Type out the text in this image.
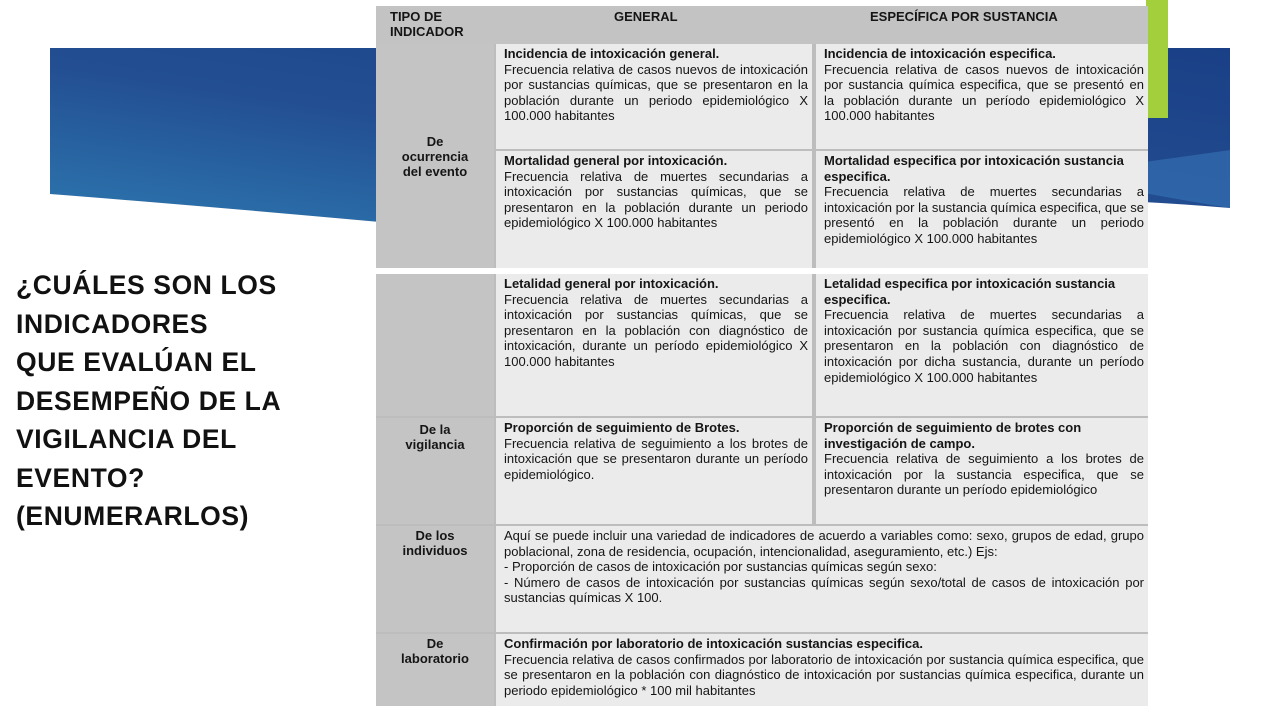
¿CUÁLES SON LOS
INDICADORES
QUE EVALÚAN EL
DESEMPEÑO DE LA
VIGILANCIA DEL
EVENTO?
(ENUMERARLOS)
TIPO DE INDICADOR
GENERAL	ESPECÍFICA POR SUSTANCIA
De ocurrencia del evento
Incidencia de intoxicación general.
Frecuencia relativa de casos nuevos de intoxicación por sustancias químicas, que se presentaron en la población durante un periodo epidemiológico X 100.000 habitantes
Incidencia de intoxicación especifica.
Frecuencia relativa de casos nuevos de intoxicación por sustancia química especifica, que se presentó en la población durante un período epidemiológico X 100.000 habitantes
Mortalidad general por intoxicación.
Frecuencia relativa de muertes secundarias a intoxicación por sustancias químicas, que se presentaron en la población durante un periodo epidemiológico X 100.000 habitantes
Mortalidad especifica por intoxicación sustancia especifica.
Frecuencia relativa de muertes secundarias a intoxicación por la sustancia química especifica, que se presentó en la población durante un periodo epidemiológico X 100.000 habitantes
Letalidad general por intoxicación.
Frecuencia relativa de muertes secundarias a intoxicación por sustancias químicas, que se presentaron en la población con diagnóstico de intoxicación, durante un período epidemiológico X 100.000 habitantes
Letalidad especifica por intoxicación sustancia especifica.
Frecuencia relativa de muertes secundarias a intoxicación por sustancia química especifica, que se presentaron en la población con diagnóstico de intoxicación por dicha sustancia, durante un período epidemiológico X 100.000 habitantes
De la vigilancia
Proporción de seguimiento de Brotes.
Frecuencia relativa de seguimiento a los brotes de intoxicación que se presentaron durante un período epidemiológico.
Proporción de seguimiento de brotes con investigación de campo.
Frecuencia relativa de seguimiento a los brotes de intoxicación por la sustancia especifica, que se presentaron durante un período epidemiológico
De los individuos
Aquí se puede incluir una variedad de indicadores de acuerdo a variables como: sexo, grupos de edad, grupo poblacional, zona de residencia, ocupación, intencionalidad, aseguramiento, etc.) Ejs:
- Proporción de casos de intoxicación por sustancias químicas según sexo:
- Número de casos de intoxicación por sustancias químicas según sexo/total de casos de intoxicación por sustancias químicas X 100.
De laboratorio
Confirmación por laboratorio de intoxicación sustancias especifica.
Frecuencia relativa de casos confirmados por laboratorio de intoxicación por sustancia química especifica, que se presentaron en la población con diagnóstico de intoxicación por sustancias química especifica, durante un periodo epidemiológico * 100 mil habitantes
